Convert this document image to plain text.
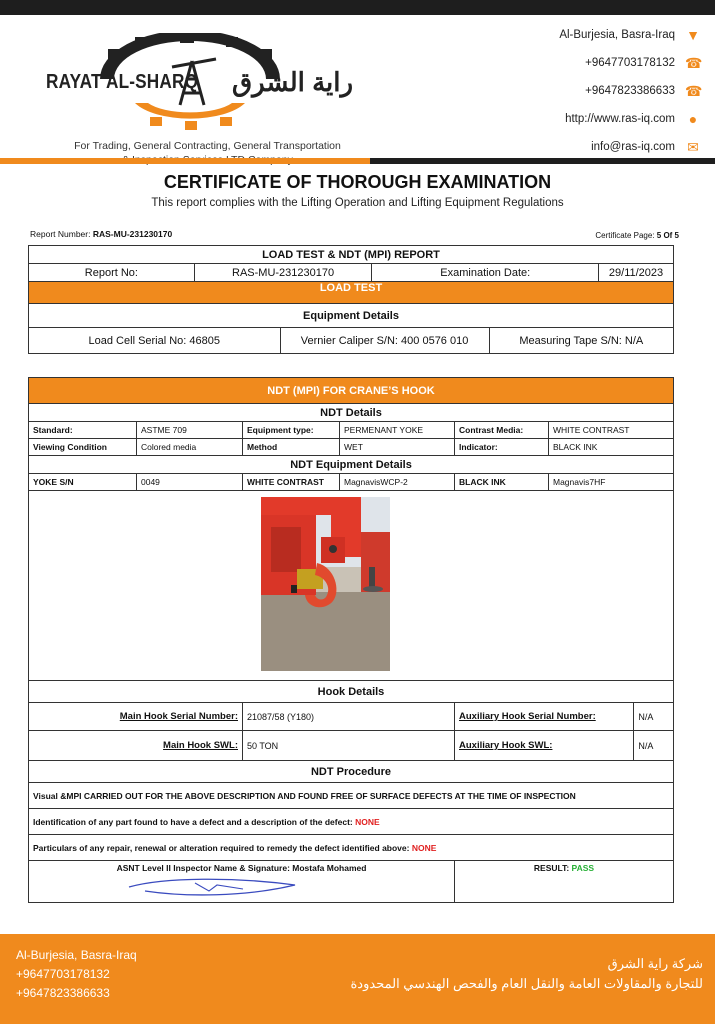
RAYAT AL-SHARQ راية الشرق
For Trading, General Contracting, General Transportation
Al-Burjesia, Basra-Iraq ▼
+9647703178132 ☎
+9647823386633 ☎
http://www.ras-iq.com ●
info@ras-iq.com ✉
CERTIFICATE OF THOROUGH EXAMINATION
This report complies with the Lifting Operation and Lifting Equipment Regulations
Report Number: RAS-MU-231230170	Certificate Page: 5 Of 5
LOAD TEST & NDT (MPI) REPORT					
Report No:	RAS-MU-231230170		Examination Date:		29/11/2023
LOAD TEST					
Equipment Details					
Load Cell Serial No: 46805		Vernier Caliper S/N: 400 0576 010		Measuring Tape S/N: N/A	
NDT (MPI) FOR CRANE’S HOOK						
NDT Details						
Standard:	ASTME 709	Equipment type:	PERMENANT YOKE	Contrast Media:	WHITE CONTRAST	
Viewing Condition	Colored media	Method	WET	Indicator:	BLACK INK	
NDT Equipment Details						
YOKE S/N	0049	WHITE CONTRAST	MagnavisWCP-2	BLACK INK	Magnavis7HF	

Hook Details						
Main Hook Serial Number:		21087/58 (Y180)		Auxiliary Hook Serial Number:		N/A
Main Hook SWL:		50 TON		Auxiliary Hook SWL:		N/A
NDT Procedure						
Visual &MPI CARRIED OUT FOR THE ABOVE DESCRIPTION AND FOUND FREE OF SURFACE DEFECTS AT THE TIME OF INSPECTION						
Identification of any part found to have a defect and a description of the defect: NONE						
Particulars of any repair, renewal or alteration required to remedy the defect identified above: NONE						

ASNT Level II Inspector Name & Signature: Mostafa Mohamed				RESULT: PASS		
Al-Burjesia, Basra-Iraq
+9647703178132
+9647823386633
شركة راية الشرق
للتجارة والمقاولات العامة والنقل العام والفحص الهندسي المحدودة
